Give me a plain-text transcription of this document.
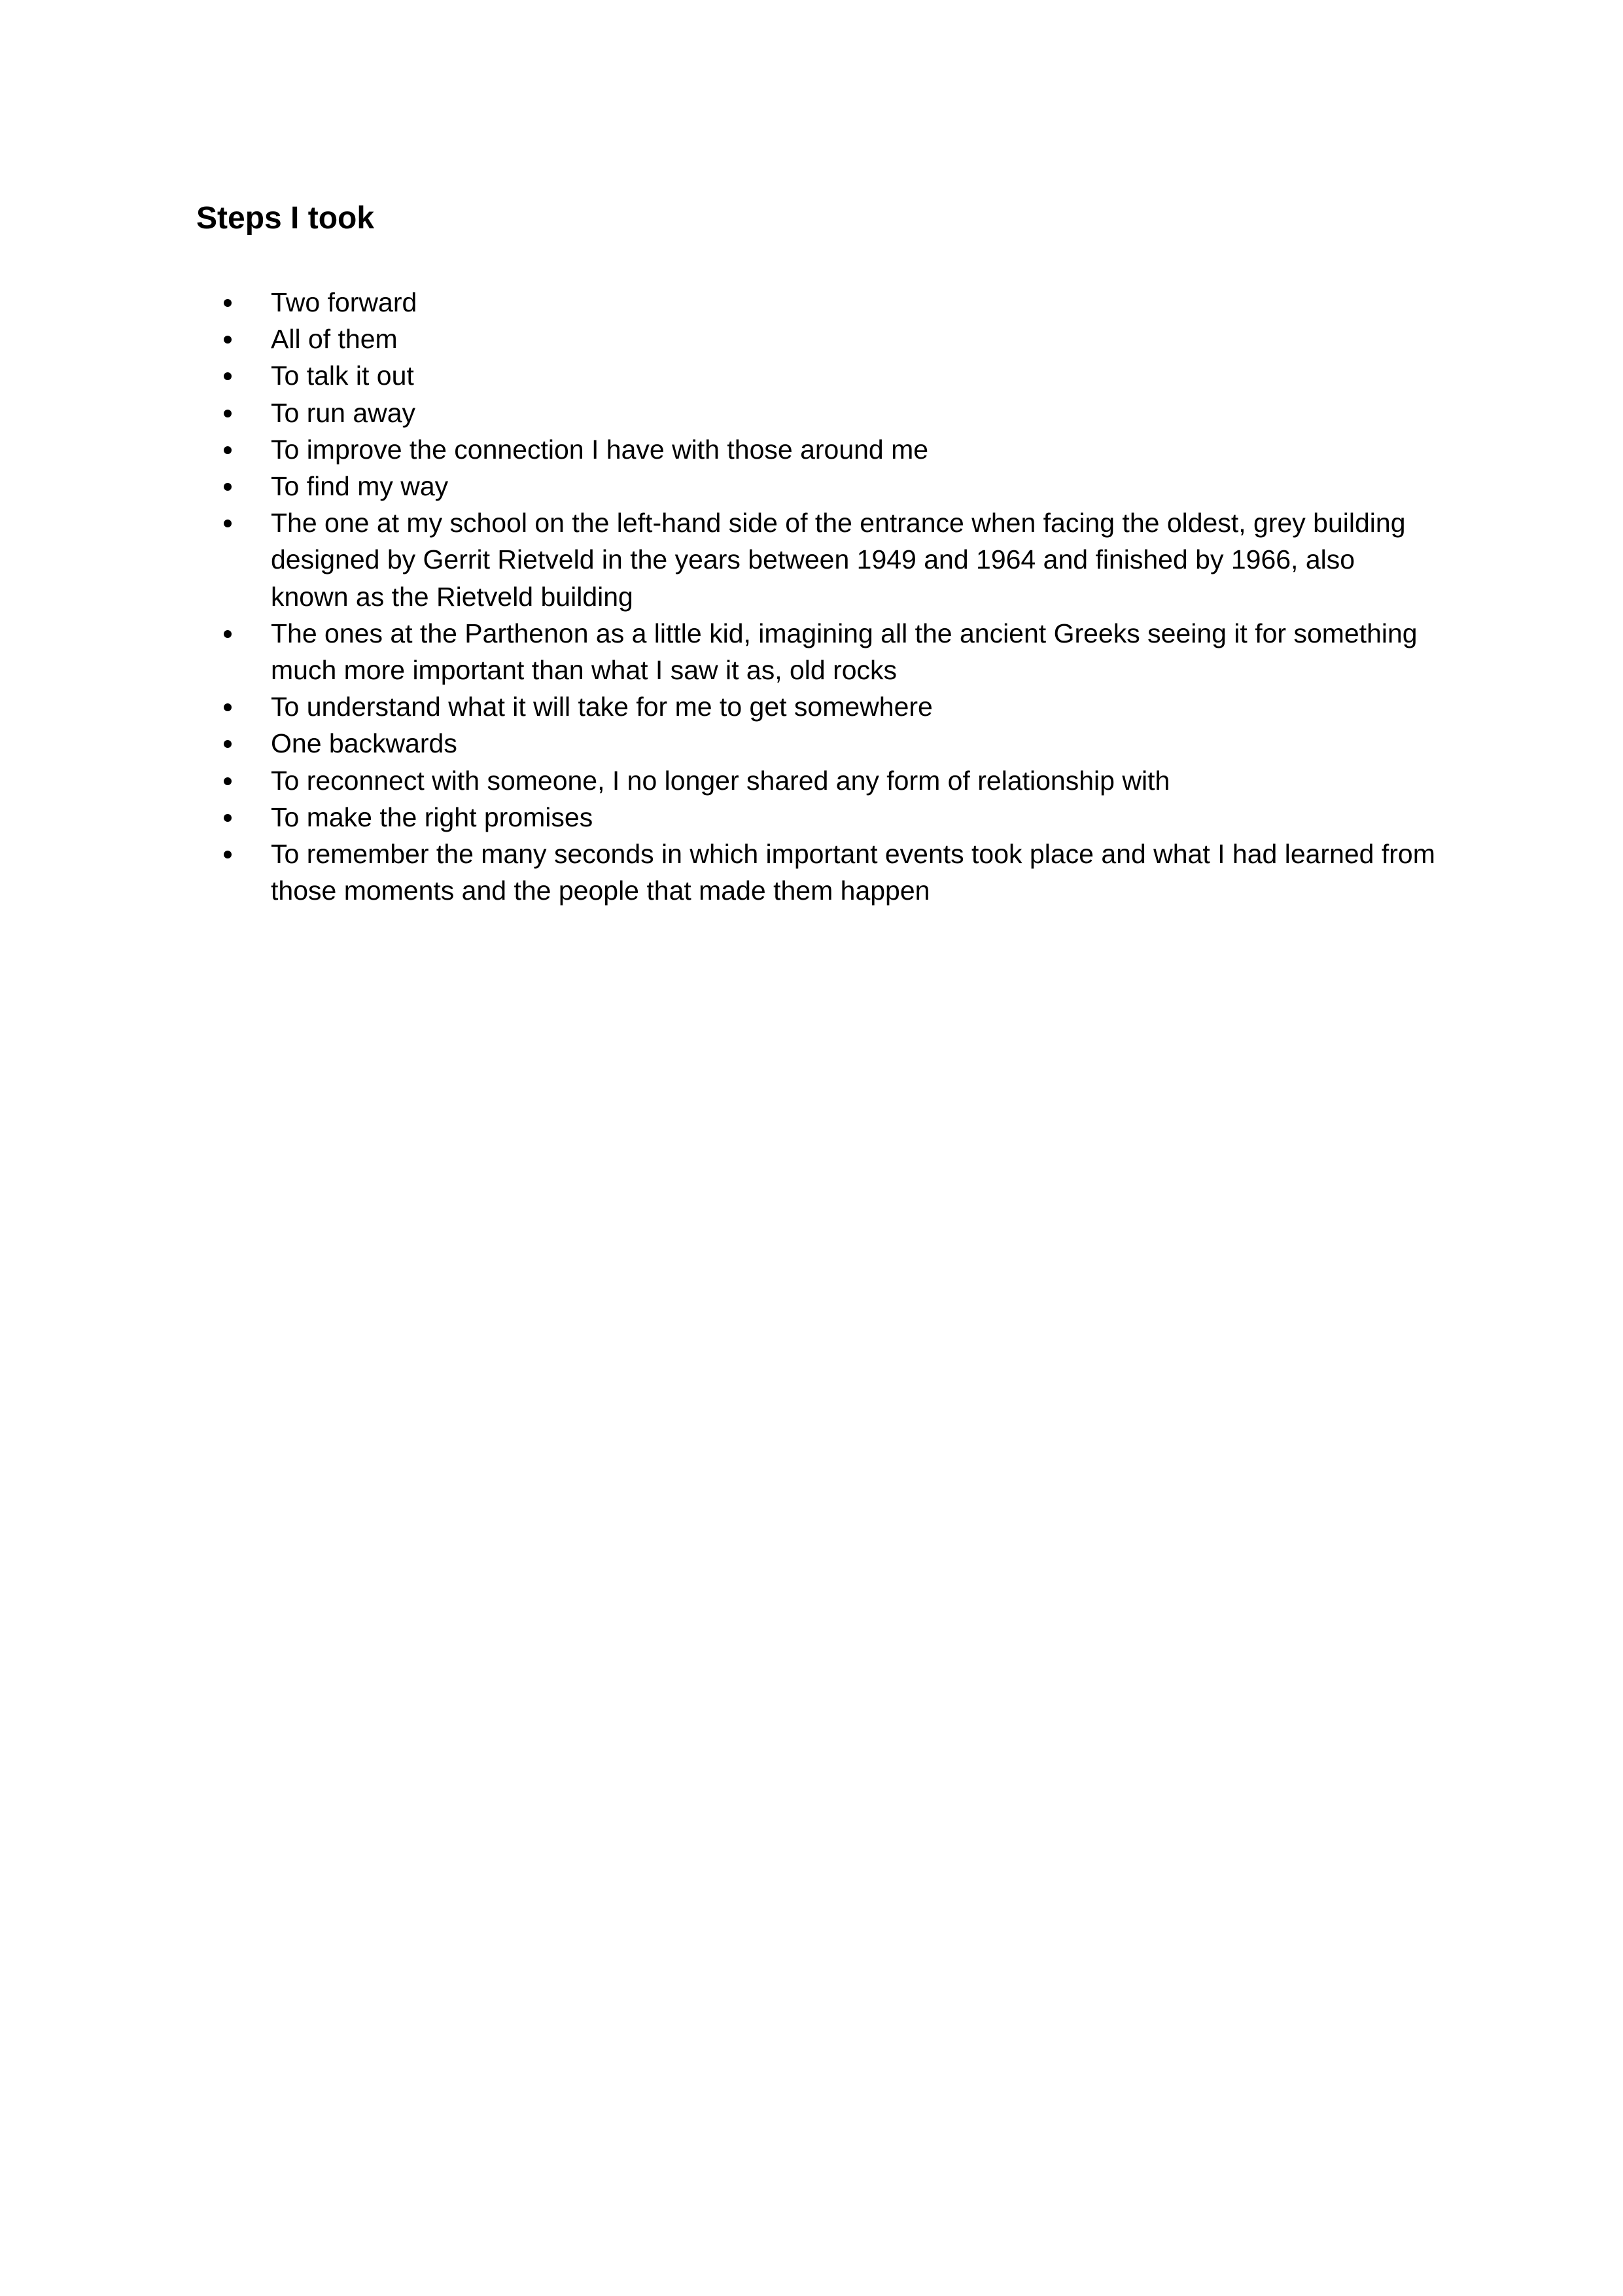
Steps I took
Two forward
All of them
To talk it out
To run away
To improve the connection I have with those around me
To find my way
The one at my school on the left-hand side of the entrance when facing the oldest, grey building designed by Gerrit Rietveld in the years between 1949 and 1964 and finished by 1966, also known as the Rietveld building
The ones at the Parthenon as a little kid, imagining all the ancient Greeks seeing it for something much more important than what I saw it as, old rocks
To understand what it will take for me to get somewhere
One backwards
To reconnect with someone, I no longer shared any form of relationship with
To make the right promises
To remember the many seconds in which important events took place and what I had learned from those moments and the people that made them happen
